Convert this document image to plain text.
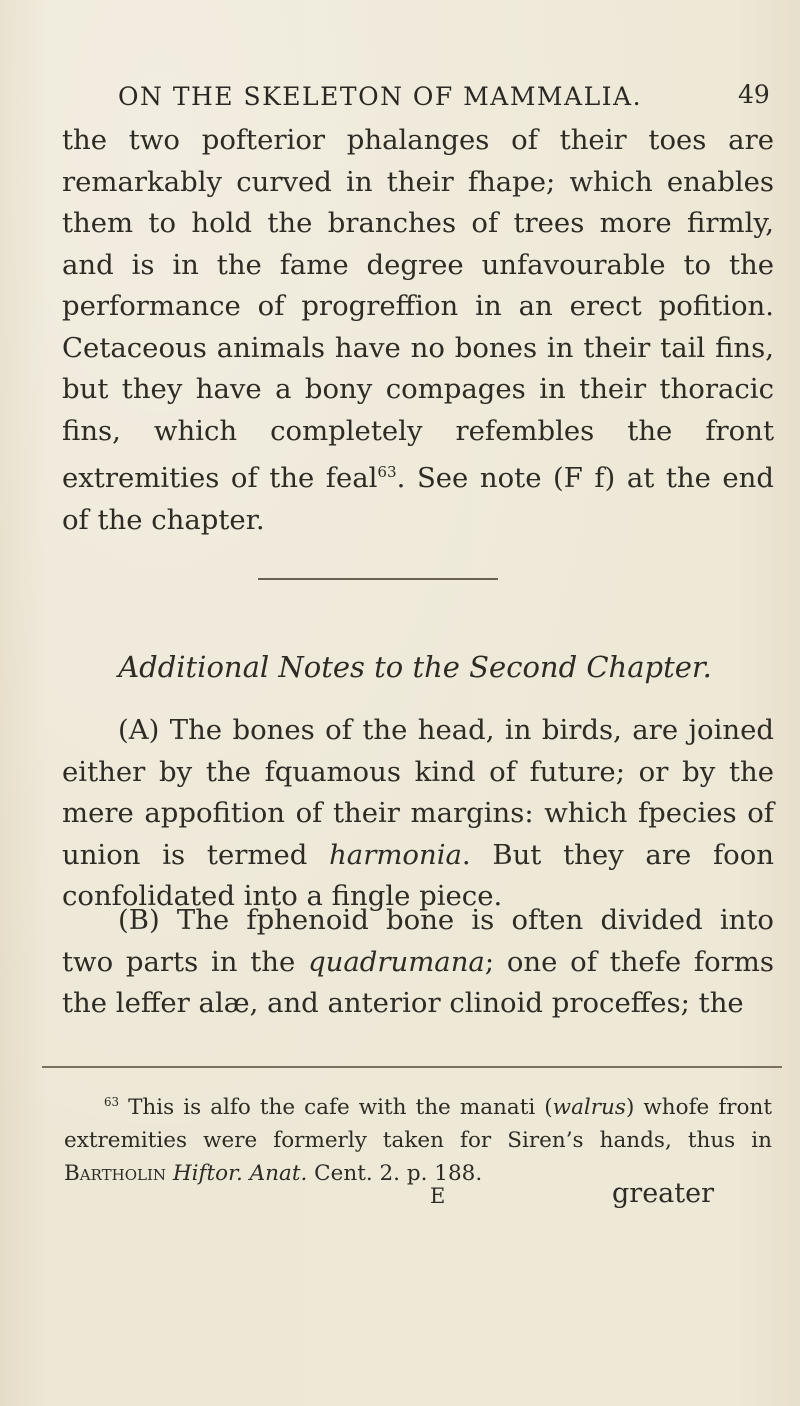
ON THE SKELETON OF MAMMALIA.	49
the two pofterior phalanges of their toes are remarkably curved in their fhape; which enables them to hold the branches of trees more firmly, and is in the fame degree unfavourable to the performance of progreffion in an erect pofition. Cetaceous animals have no bones in their tail fins, but they have a bony compages in their thoracic fins, which completely refembles the front extremities of the feal$^{63}$. See note (F f) at the end of the chapter.
Additional Notes to the Second Chapter.
(A) The bones of the head, in birds, are joined either by the fquamous kind of future; or by the mere appofition of their margins: which fpecies of union is termed harmonia. But they are foon confolidated into a fingle piece.
(B) The fphenoid bone is often divided into two parts in the quadrumana; one of thefe forms the leffer alæ, and anterior clinoid proceffes; the
$^{63}$ This is alfo the cafe with the manati (walrus) whofe front extremities were formerly taken for Siren’s hands, thus in Bartholin Hiftor. Anat. Cent. 2. p. 188.
E	greater
